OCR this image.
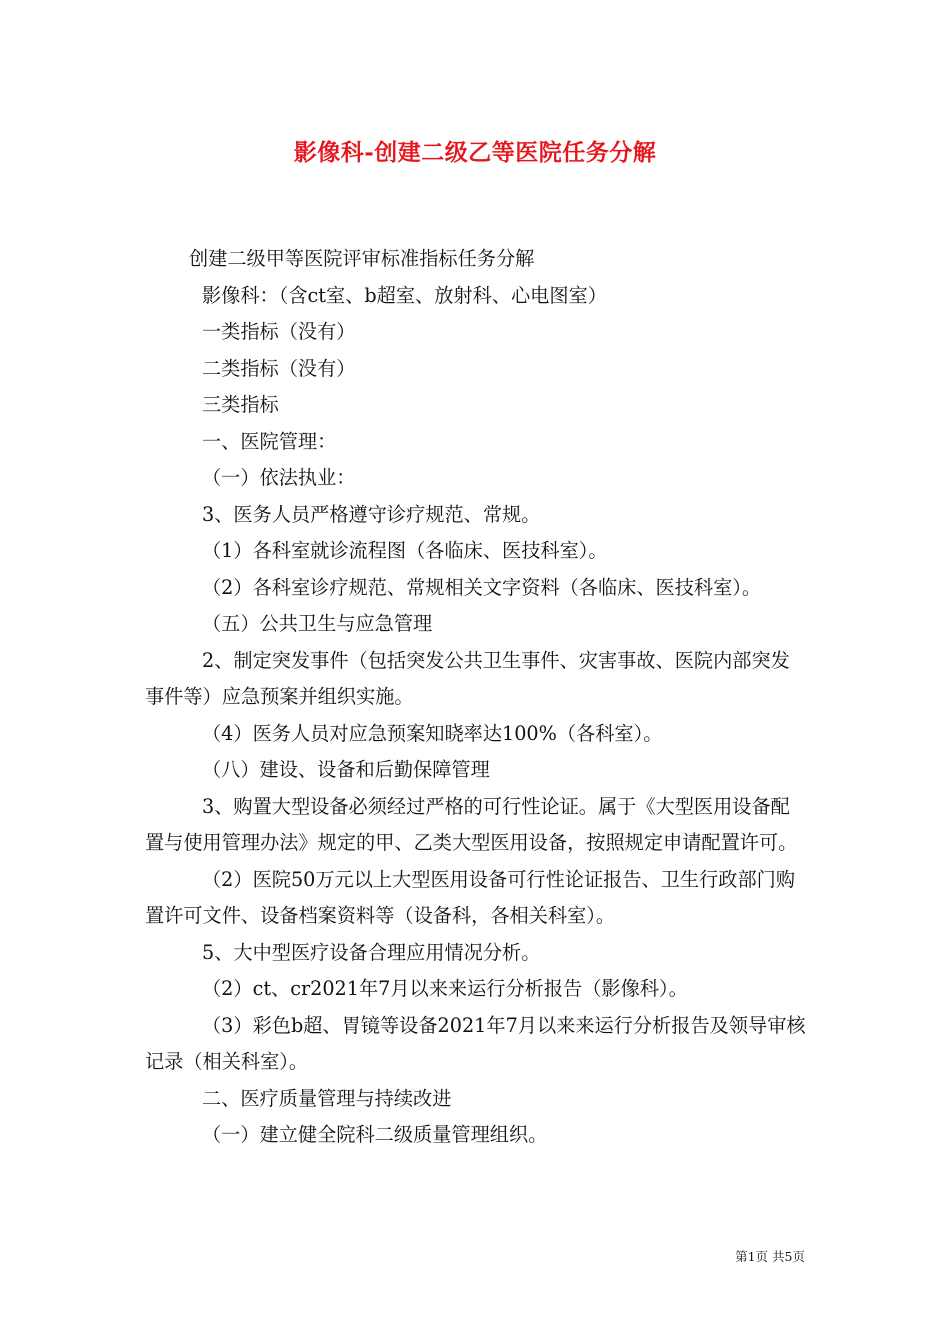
影像科-创建二级乙等医院任务分解

创建二级甲等医院评审标准指标任务分解

影像科：（含ct室、b超室、放射科、心电图室）

一类指标（没有）

二类指标（没有）

三类指标

一、医院管理：

（一）依法执业：

3、医务人员严格遵守诊疗规范、常规。

（1）各科室就诊流程图（各临床、医技科室）。

（2）各科室诊疗规范、常规相关文字资料（各临床、医技科室）。

（五）公共卫生与应急管理

2、制定突发事件（包括突发公共卫生事件、灾害事故、医院内部突发事件等）应急预案并组织实施。

（4）医务人员对应急预案知晓率达100%（各科室）。

（八）建设、设备和后勤保障管理

3、购置大型设备必须经过严格的可行性论证。属于《大型医用设备配置与使用管理办法》规定的甲、乙类大型医用设备，按照规定申请配置许可。

（2）医院50万元以上大型医用设备可行性论证报告、卫生行政部门购置许可文件、设备档案资料等（设备科，各相关科室）。

5、大中型医疗设备合理应用情况分析。

（2）ct、cr2021年7月以来来运行分析报告（影像科）。

（3）彩色b超、胃镜等设备2021年7月以来来运行分析报告及领导审核记录（相关科室）。

二、医疗质量管理与持续改进

（一）建立健全院科二级质量管理组织。

第1页 共5页
